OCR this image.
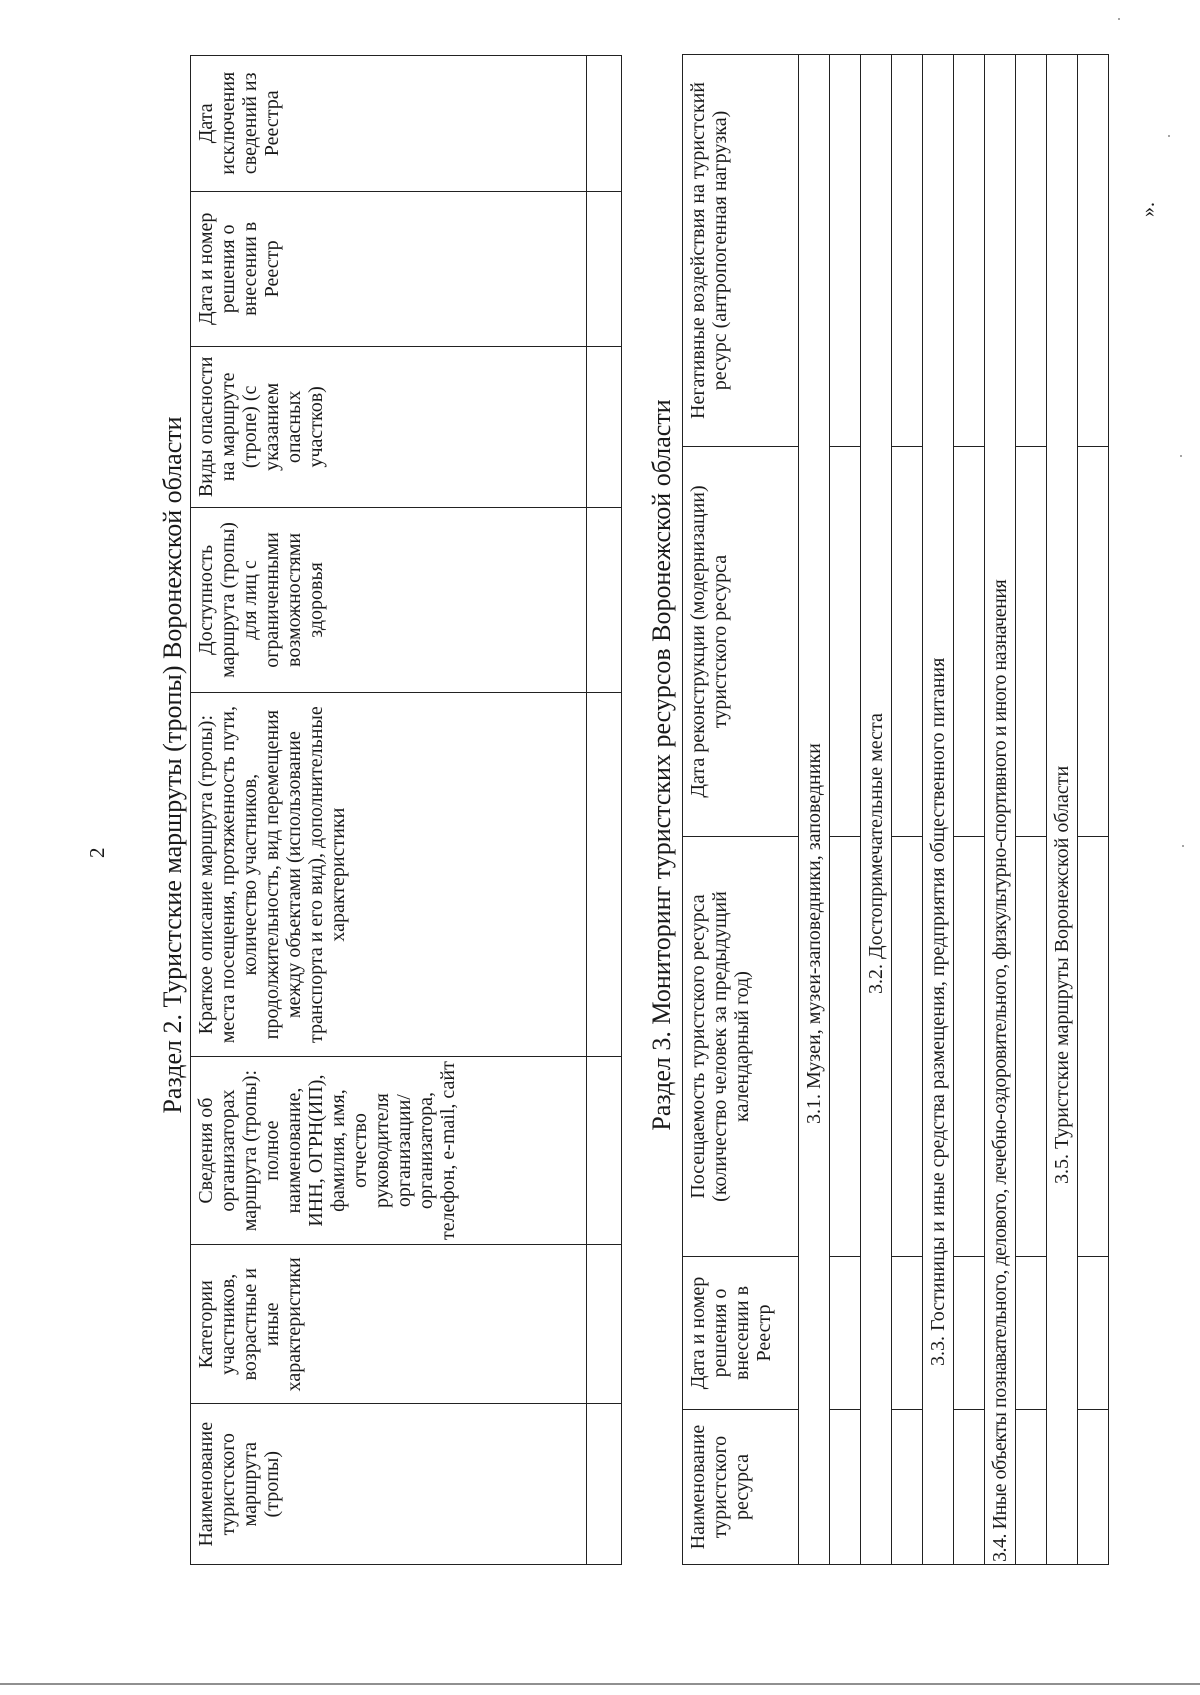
2 Раздел 2. Туристские маршруты (тропы) Воронежской области
Наименование туристского маршрута (тропы)	Категории участников, возрастные и иные характеристики	Сведения об организаторах маршрута (тропы): полное наименование, ИНН, ОГРН(ИП), фамилия, имя, отчество руководителя организации/ организатора, телефон, e-mail, сайт	Краткое описание маршрута (тропы): места посещения, протяженность пути, количество участников, продолжительность, вид перемещения между объектами (использование транспорта и его вид), дополнительные характеристики	Доступность маршрута (тропы) для лиц с ограниченными возможностями здоровья	Виды опасности на маршруте (тропе) (с указанием опасных участков)	Дата и номер решения о внесении в Реестр	Дата исключения сведений из Реестра

Раздел 3. Мониторинг туристских ресурсов Воронежской области
Наименование туристского ресурса	Дата и номер решения о внесении в Реестр	Посещаемость туристского ресурса (количество человек за предыдущий календарный год)	Дата реконструкции (модернизации) туристского ресурса	Негативные воздействия на туристский ресурс (антропогенная нагрузка)
3.1. Музеи, музеи-заповедники, заповедники				

3.2. Достопримечательные места				

3.3. Гостиницы и иные средства размещения, предприятия общественного питания				

3.4. Иные объекты познавательного, делового, лечебно-оздоровительного, физкультурно-спортивного и иного назначения				

3.5. Туристские маршруты Воронежской области				

».
